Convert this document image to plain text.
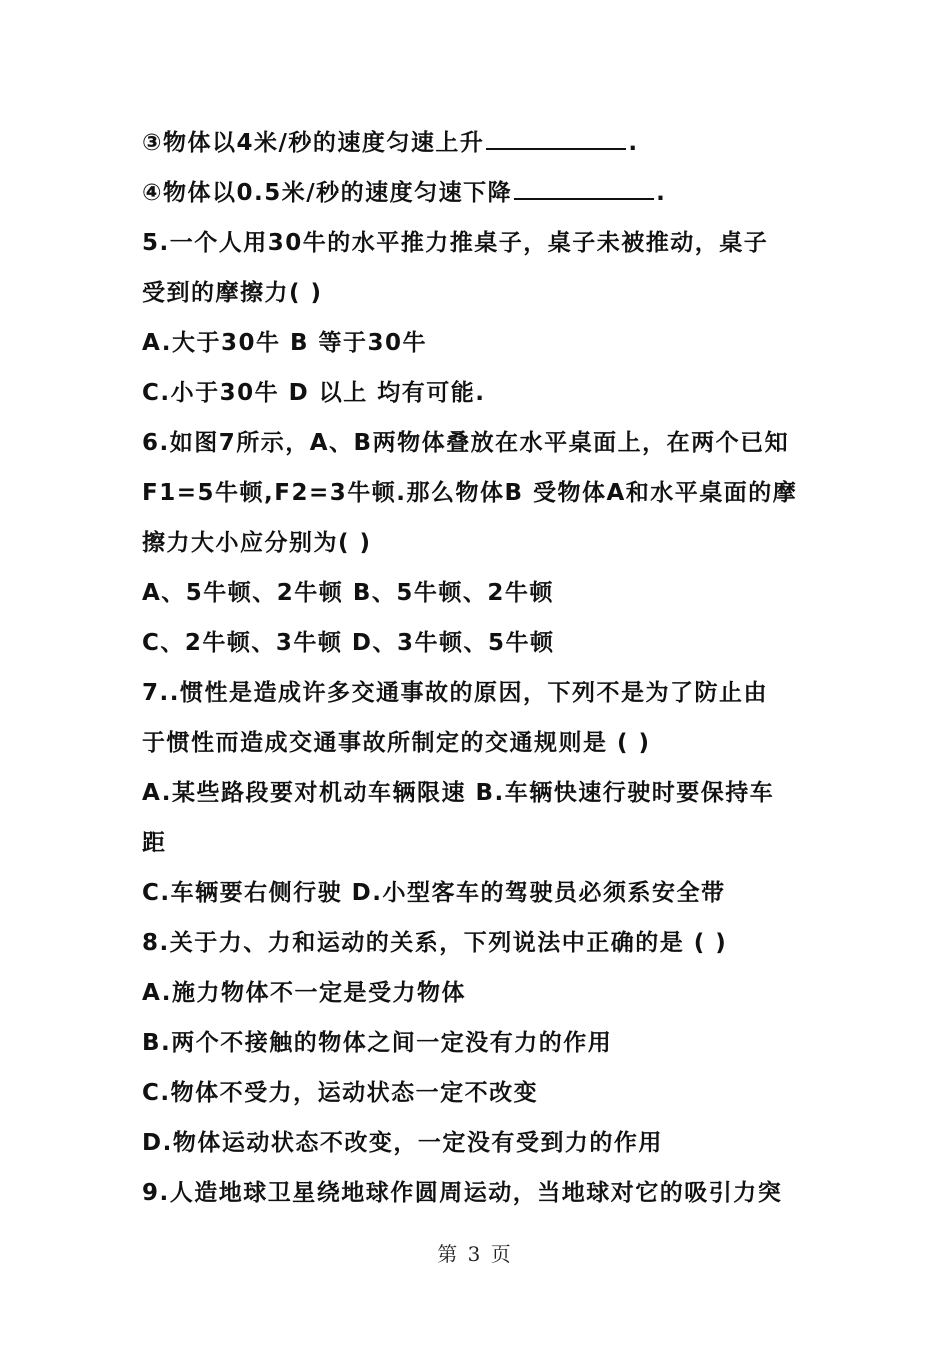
③物体以4米/秒的速度匀速上升	.
④物体以0.5米/秒的速度匀速下降	.
5.一个人用30牛的水平推力推桌子，桌子未被推动，桌子
受到的摩擦力( )
A.大于30牛 B 等于30牛
C.小于30牛 D 以上 均有可能.
6.如图7所示，A、B两物体叠放在水平桌面上，在两个已知
F1=5牛顿,F2=3牛顿.那么物体B 受物体A和水平桌面的摩
擦力大小应分别为( )
A、5牛顿、2牛顿 B、5牛顿、2牛顿
C、2牛顿、3牛顿 D、3牛顿、5牛顿
7..惯性是造成许多交通事故的原因，下列不是为了防止由
于惯性而造成交通事故所制定的交通规则是 ( )
A.某些路段要对机动车辆限速 B.车辆快速行驶时要保持车
距
C.车辆要右侧行驶 D.小型客车的驾驶员必须系安全带
8.关于力、力和运动的关系，下列说法中正确的是 ( )
A.施力物体不一定是受力物体
B.两个不接触的物体之间一定没有力的作用
C.物体不受力，运动状态一定不改变
D.物体运动状态不改变，一定没有受到力的作用
9.人造地球卫星绕地球作圆周运动，当地球对它的吸引力突
第 3 页
